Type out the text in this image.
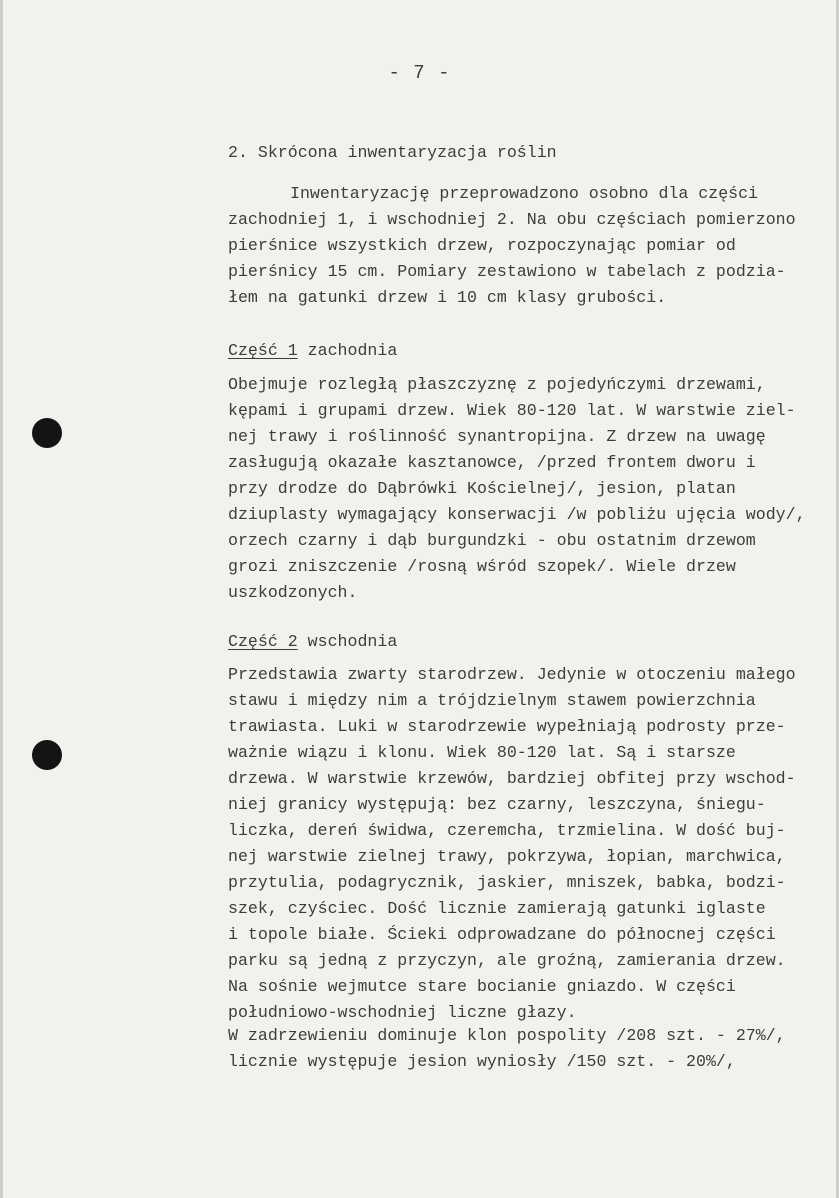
- 7 -
2. Skrócona inwentaryzacja roślin
Inwentaryzację przeprowadzono osobno dla części
zachodniej 1, i wschodniej 2. Na obu częściach pomierzono
pierśnice wszystkich drzew, rozpoczynając pomiar od
pierśnicy 15 cm. Pomiary zestawiono w tabelach z podzia-
łem na gatunki drzew i 10 cm klasy grubości.
Część 1 zachodnia
Obejmuje rozległą płaszczyznę z pojedyńczymi drzewami,
kępami i grupami drzew. Wiek 80-120 lat. W warstwie ziel-
nej trawy i roślinność synantropijna. Z drzew na uwagę
zasługują okazałe kasztanowce, /przed frontem dworu i
przy drodze do Dąbrówki Kościelnej/, jesion, platan
dziuplasty wymagający konserwacji /w pobliżu ujęcia wody/,
orzech czarny i dąb burgundzki - obu ostatnim drzewom
grozi zniszczenie /rosną wśród szopek/. Wiele drzew
uszkodzonych.
Część 2 wschodnia
Przedstawia zwarty starodrzew. Jedynie w otoczeniu małego
stawu i między nim a trójdzielnym stawem powierzchnia
trawiasta. Luki w starodrzewie wypełniają podrosty prze-
ważnie wiązu i klonu. Wiek 80-120 lat. Są i starsze
drzewa. W warstwie krzewów, bardziej obfitej przy wschod-
niej granicy występują: bez czarny, leszczyna, śniegu-
liczka, dereń świdwa, czeremcha, trzmielina. W dość buj-
nej warstwie zielnej trawy, pokrzywa, łopian, marchwica,
przytulia, podagrycznik, jaskier, mniszek, babka, bodzi-
szek, czyściec. Dość licznie zamierają gatunki iglaste
i topole białe. Ścieki odprowadzane do północnej części
parku są jedną z przyczyn, ale groźną, zamierania drzew.
Na sośnie wejmutce stare bocianie gniazdo. W części
południowo-wschodniej liczne głazy.
W zadrzewieniu dominuje klon pospolity /208 szt. - 27%/,
licznie występuje jesion wyniosły /150 szt. - 20%/,
